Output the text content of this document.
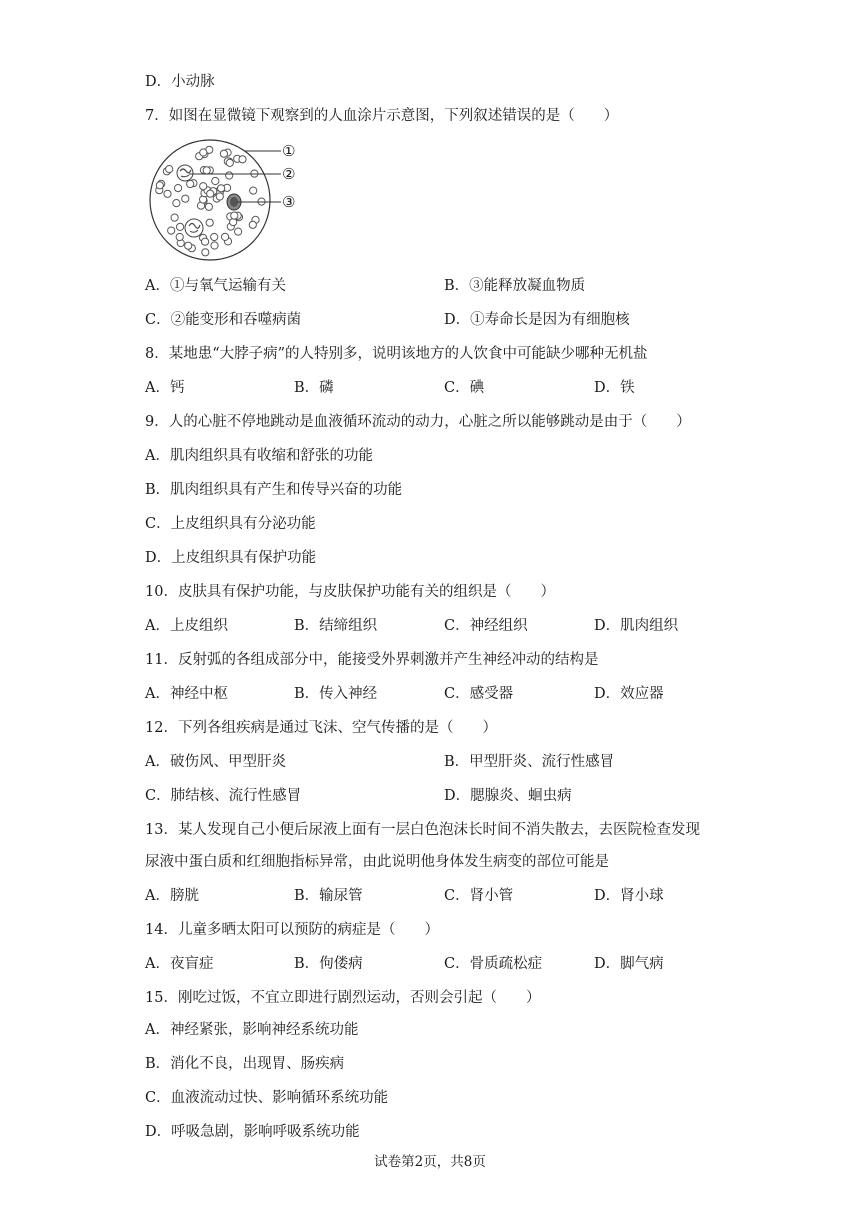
D．小动脉
7．如图在显微镜下观察到的人血涂片示意图，下列叙述错误的是（　　）
①
②
③
A．①与氧气运输有关	B．③能释放凝血物质
C．②能变形和吞噬病菌	D．①寿命长是因为有细胞核
8．某地患“大脖子病”的人特别多，说明该地方的人饮食中可能缺少哪种无机盐
A．钙	B．磷	C．碘	D．铁
9．人的心脏不停地跳动是血液循环流动的动力，心脏之所以能够跳动是由于（　　）
A．肌肉组织具有收缩和舒张的功能
B．肌肉组织具有产生和传导兴奋的功能
C．上皮组织具有分泌功能
D．上皮组织具有保护功能
10．皮肤具有保护功能，与皮肤保护功能有关的组织是（　　）
A．上皮组织	B．结缔组织	C．神经组织	D．肌肉组织
11．反射弧的各组成部分中，能接受外界刺激并产生神经冲动的结构是
A．神经中枢	B．传入神经	C．感受器	D．效应器
12．下列各组疾病是通过飞沫、空气传播的是（　　）
A．破伤风、甲型肝炎	B．甲型肝炎、流行性感冒
C．肺结核、流行性感冒	D．腮腺炎、蛔虫病
13．某人发现自己小便后尿液上面有一层白色泡沫长时间不消失散去，去医院检查发现
尿液中蛋白质和红细胞指标异常，由此说明他身体发生病变的部位可能是
A．膀胱	B．输尿管	C．肾小管	D．肾小球
14．儿童多晒太阳可以预防的病症是（　　）
A．夜盲症	B．佝偻病	C．骨质疏松症	D．脚气病
15．刚吃过饭，不宜立即进行剧烈运动，否则会引起（　　）
A．神经紧张，影响神经系统功能
B．消化不良，出现胃、肠疾病
C．血液流动过快、影响循环系统功能
D．呼吸急剧，影响呼吸系统功能
试卷第2页，共8页
